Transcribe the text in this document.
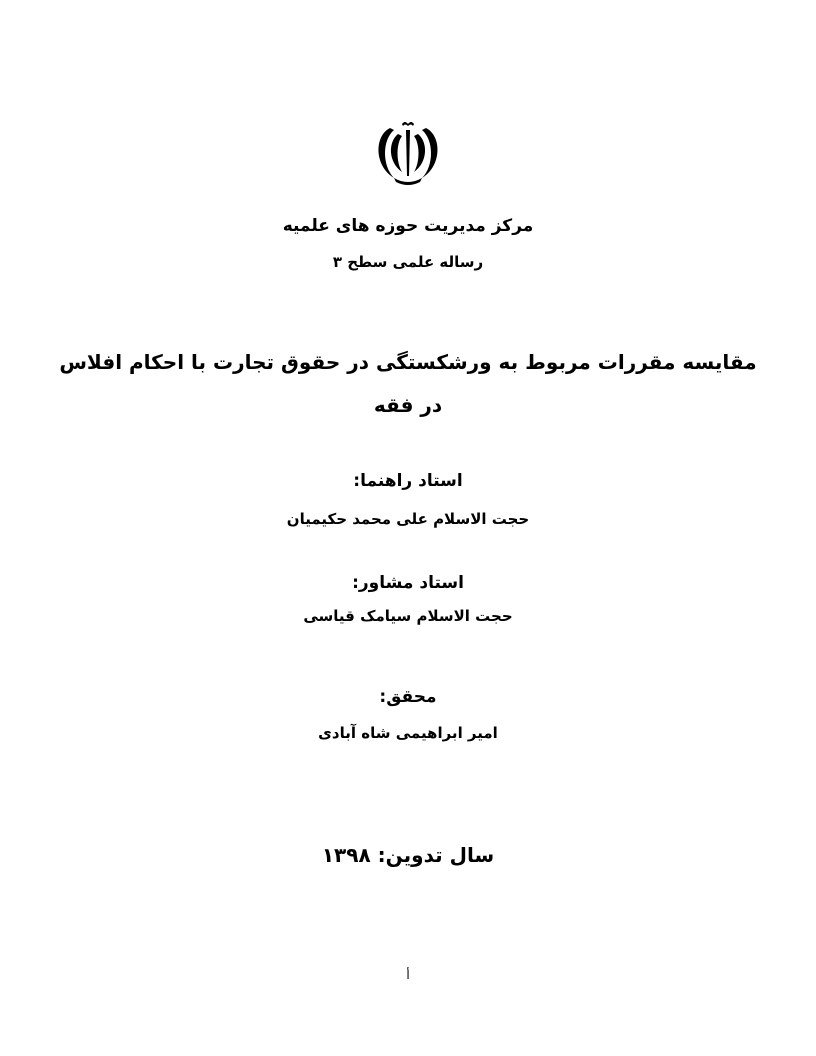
مرکز مدیریت حوزه های علمیه
رساله علمی سطح ۳
مقایسه مقررات مربوط به ورشکستگی در حقوق تجارت با احکام افلاس
در فقه
استاد راهنما:
حجت الاسلام علی محمد حکیمیان
استاد مشاور:
حجت الاسلام سیامک قیاسی
محقق:
امیر ابراهیمی شاه آبادی
سال تدوین: ۱۳۹۸
أ
